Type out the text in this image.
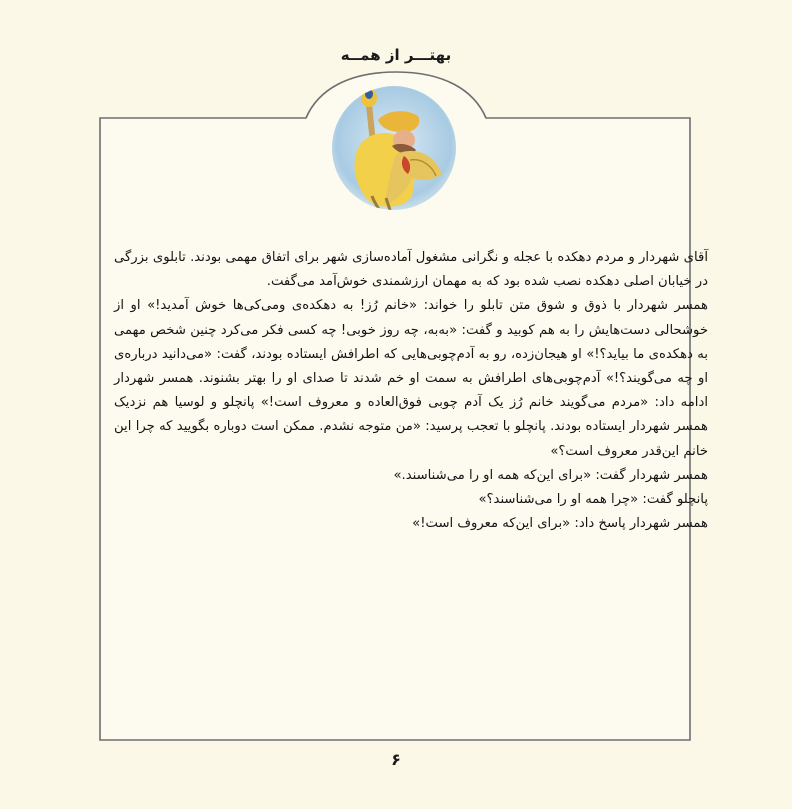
بهتـــر از همــه

آقای شهردار و مردم دهکده با عجله و نگرانی مشغول آماده‌سازی شهر برای اتفاق مهمی بودند. تابلوی بزرگی در خیابان اصلی دهکده نصب شده بود که به مهمان ارزشمندی خوش‌آمد می‌گفت.

همسر شهردار با ذوق و شوق متن تابلو را خواند: «خانم رُز! به دهکده‌ی ومی‌کی‌ها خوش آمدید!» او از خوشحالی دست‌هایش را به هم کوبید و گفت: «به‌به، چه روز خوبی! چه کسی فکر می‌کرد چنین شخص مهمی به دهکده‌ی ما بیاید؟!» او هیجان‌زده، رو به آدم‌چوبی‌هایی که اطرافش ایستاده بودند، گفت: «می‌دانید درباره‌ی او چه می‌گویند؟!» آدم‌چوبی‌های اطرافش به سمت او خم شدند تا صدای او را بهتر بشنوند. همسر شهردار ادامه داد: «مردم می‌گویند خانم رُز یک آدم چوبی فوق‌العاده و معروف است!» پانچلو و لوسیا هم نزدیک همسر شهردار ایستاده بودند. پانچلو با تعجب پرسید: «من متوجه نشدم. ممکن است دوباره بگویید که چرا این خانم این‌قدر معروف است؟»

همسر شهردار گفت: «برای این‌که همه او را می‌شناسند.»

پانچلو گفت: «چرا همه او را می‌شناسند؟»

همسر شهردار پاسخ داد: «برای این‌که معروف است!»

۶
